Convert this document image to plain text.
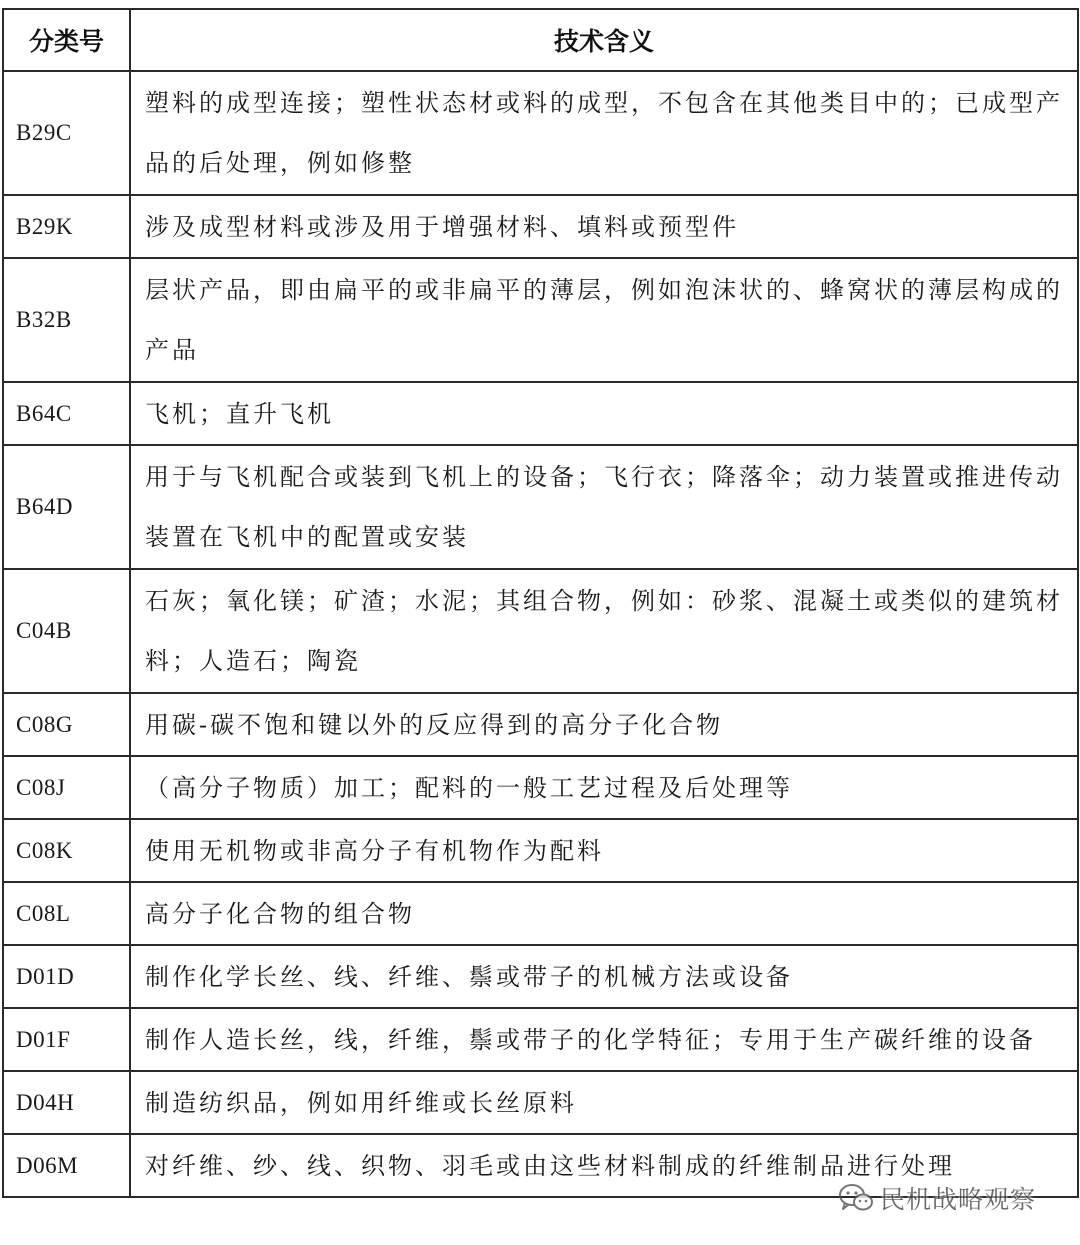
分类号	技术含义
B29C	塑料的成型连接；塑性状态材或料的成型，不包含在其他类目中的；已成型产品的后处理，例如修整
B29K	涉及成型材料或涉及用于增强材料、填料或预型件
B32B	层状产品，即由扁平的或非扁平的薄层，例如泡沫状的、蜂窝状的薄层构成的产品
B64C	飞机；直升飞机
B64D	用于与飞机配合或装到飞机上的设备；飞行衣；降落伞；动力装置或推进传动装置在飞机中的配置或安装
C04B	石灰；氧化镁；矿渣；水泥；其组合物，例如：砂浆、混凝土或类似的建筑材料；人造石；陶瓷
C08G	用碳-碳不饱和键以外的反应得到的高分子化合物
C08J	（高分子物质）加工；配料的一般工艺过程及后处理等
C08K	使用无机物或非高分子有机物作为配料
C08L	高分子化合物的组合物
D01D	制作化学长丝、线、纤维、鬃或带子的机械方法或设备
D01F	制作人造长丝，线，纤维，鬃或带子的化学特征；专用于生产碳纤维的设备
D04H	制造纺织品，例如用纤维或长丝原料
D06M	对纤维、纱、线、织物、羽毛或由这些材料制成的纤维制品进行处理
民机战略观察
